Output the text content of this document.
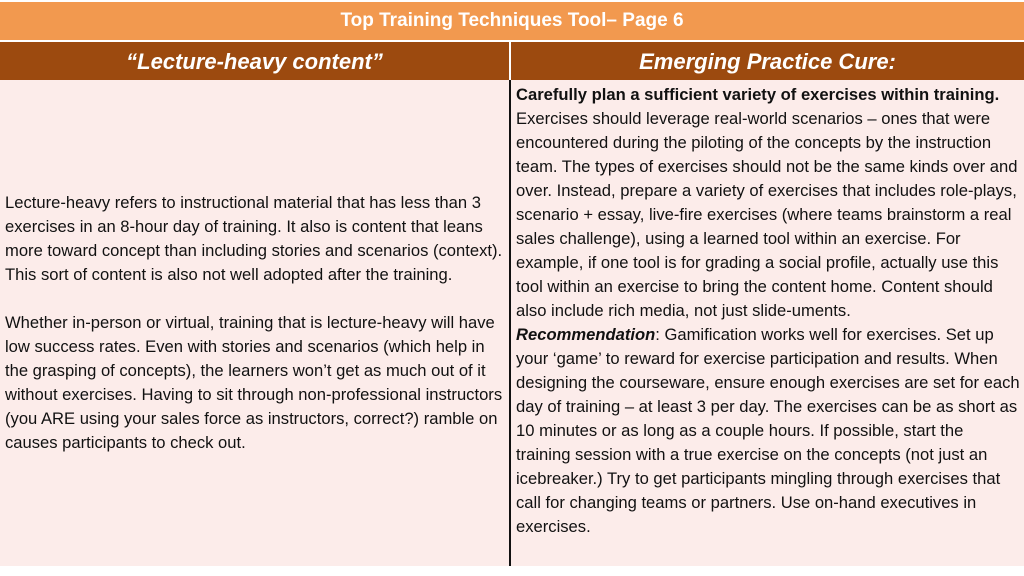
Top Training Techniques Tool– Page 6
“Lecture-heavy content”	Emerging Practice Cure:

Lecture-heavy refers to instructional material that has less than 3 exercises in an 8-hour day of training. It also is content that leans more toward concept than including stories and scenarios (context). This sort of content is also not well adopted after the training.

Whether in-person or virtual, training that is lecture-heavy will have low success rates. Even with stories and scenarios (which help in the grasping of concepts), the learners won’t get as much out of it without exercises. Having to sit through non-professional instructors (you ARE using your sales force as instructors, correct?) ramble on causes participants to check out.

Carefully plan a sufficient variety of exercises within training. Exercises should leverage real-world scenarios – ones that were encountered during the piloting of the concepts by the instruction team. The types of exercises should not be the same kinds over and over. Instead, prepare a variety of exercises that includes role-plays, scenario + essay, live-fire exercises (where teams brainstorm a real sales challenge), using a learned tool within an exercise. For example, if one tool is for grading a social profile, actually use this tool within an exercise to bring the content home. Content should also include rich media, not just slide-uments.
Recommendation: Gamification works well for exercises. Set up your ‘game’ to reward for exercise participation and results. When designing the courseware, ensure enough exercises are set for each day of training – at least 3 per day. The exercises can be as short as 10 minutes or as long as a couple hours. If possible, start the training session with a true exercise on the concepts (not just an icebreaker.) Try to get participants mingling through exercises that call for changing teams or partners. Use on-hand executives in exercises.
